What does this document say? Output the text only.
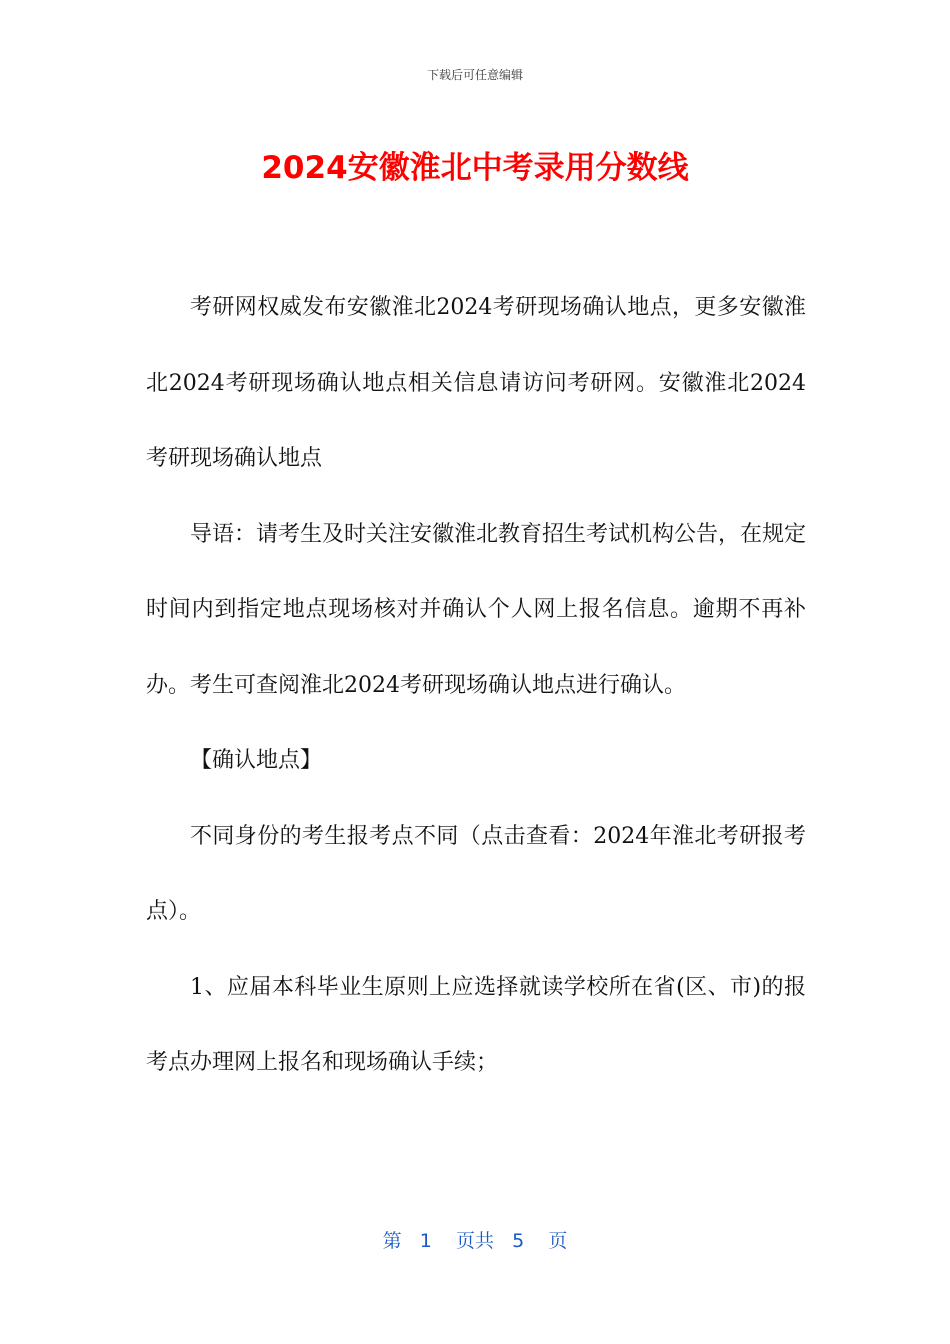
下载后可任意编辑
2024安徽淮北中考录用分数线

考研网权威发布安徽淮北2024考研现场确认地点，更多安徽淮北2024考研现场确认地点相关信息请访问考研网。安徽淮北2024考研现场确认地点

导语：请考生及时关注安徽淮北教育招生考试机构公告，在规定时间内到指定地点现场核对并确认个人网上报名信息。逾期不再补办。考生可查阅淮北2024考研现场确认地点进行确认。

【确认地点】

不同身份的考生报考点不同（点击查看：2024年淮北考研报考点）。

1、应届本科毕业生原则上应选择就读学校所在省(区、市)的报考点办理网上报名和现场确认手续；

第 1 页共 5 页
